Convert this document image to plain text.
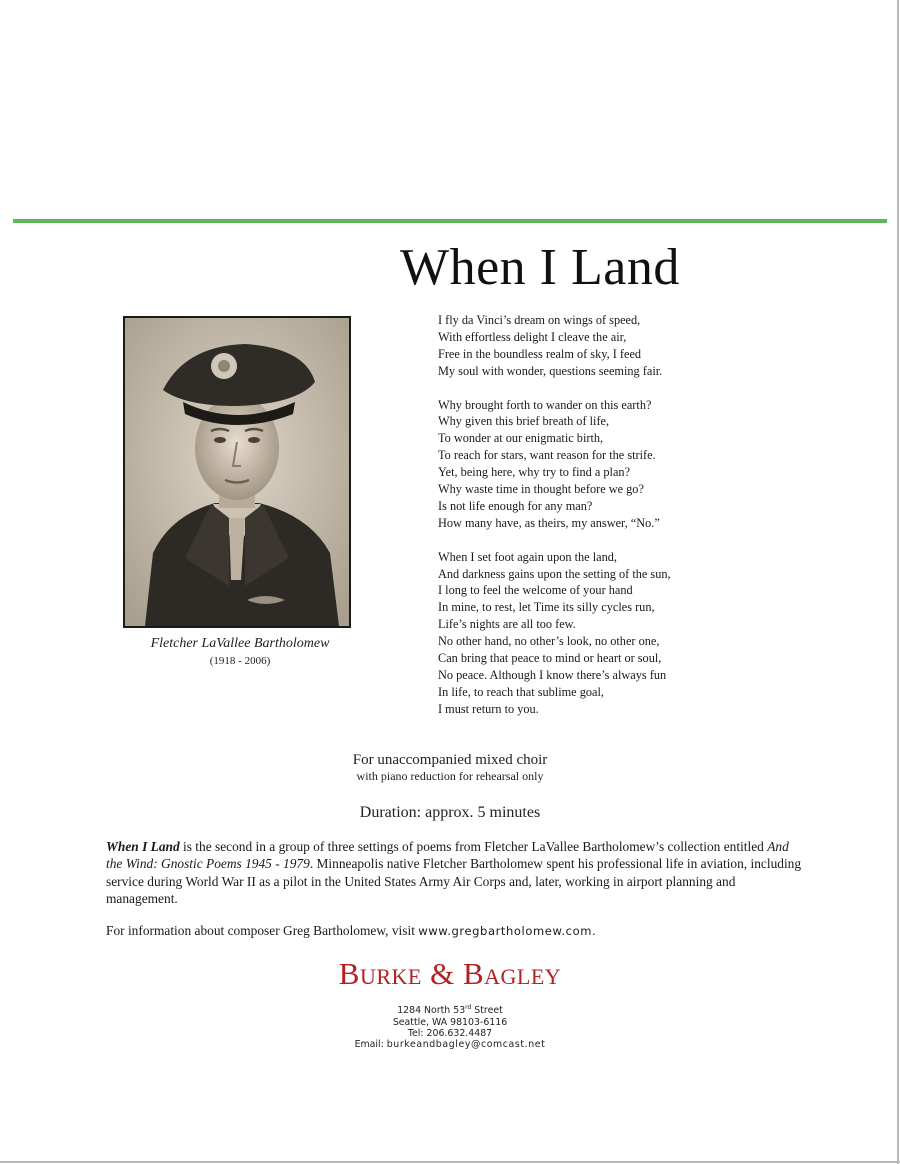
When I Land
Fletcher LaVallee Bartholomew
(1918 - 2006)
I fly da Vinci’s dream on wings of speed,
With effortless delight I cleave the air,
Free in the boundless realm of sky, I feed
My soul with wonder, questions seeming fair.
Why brought forth to wander on this earth?
Why given this brief breath of life,
To wonder at our enigmatic birth,
To reach for stars, want reason for the strife.
Yet, being here, why try to find a plan?
Why waste time in thought before we go?
Is not life enough for any man?
How many have, as theirs, my answer, “No.”
When I set foot again upon the land,
And darkness gains upon the setting of the sun,
I long to feel the welcome of your hand
In mine, to rest, let Time its silly cycles run,
Life’s nights are all too few.
No other hand, no other’s look, no other one,
Can bring that peace to mind or heart or soul,
No peace. Although I know there’s always fun
In life, to reach that sublime goal,
I must return to you.
For unaccompanied mixed choir
with piano reduction for rehearsal only
Duration: approx. 5 minutes
When I Land is the second in a group of three settings of poems from Fletcher LaVallee Bartholomew’s collection entitled And the Wind: Gnostic Poems 1945 - 1979. Minneapolis native Fletcher Bartholomew spent his professional life in aviation, including service during World War II as a pilot in the United States Army Air Corps and, later, working in airport planning and management.
For information about composer Greg Bartholomew, visit www.gregbartholomew.com.
Burke & Bagley
1284 North 53rd Street
Seattle, WA 98103-6116
Tel: 206.632.4487
Email: burkeandbagley@comcast.net
